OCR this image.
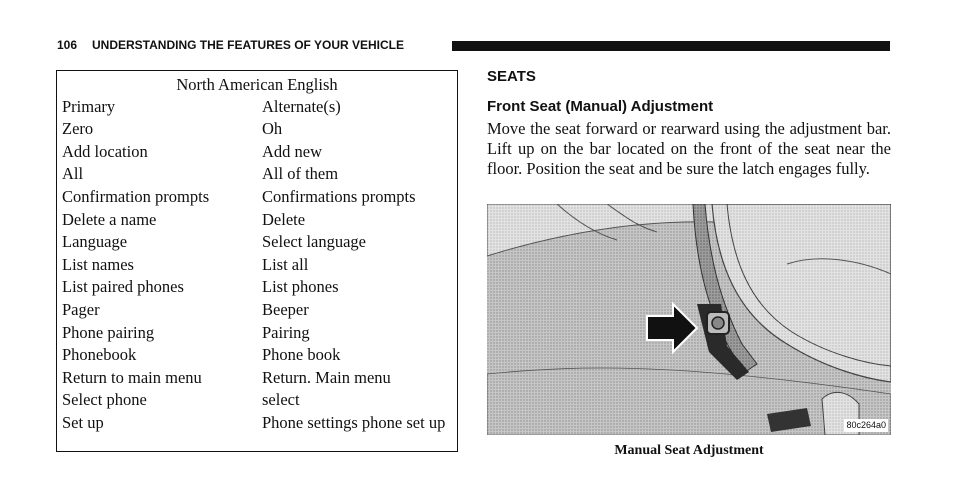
106 UNDERSTANDING THE FEATURES OF YOUR VEHICLE
North American English
Primary	Alternate(s)
Zero	Oh
Add location	Add new
All	All of them
Confirmation prompts	Confirmations prompts
Delete a name	Delete
Language	Select language
List names	List all
List paired phones	List phones
Pager	Beeper
Phone pairing	Pairing
Phonebook	Phone book
Return to main menu	Return. Main menu
Select phone	select
Set up	Phone settings phone set up
SEATS
Front Seat (Manual) Adjustment
Move the seat forward or rearward using the adjustment bar. Lift up on the bar located on the front of the seat near the floor. Position the seat and be sure the latch engages fully.
80c264a0
Manual Seat Adjustment
